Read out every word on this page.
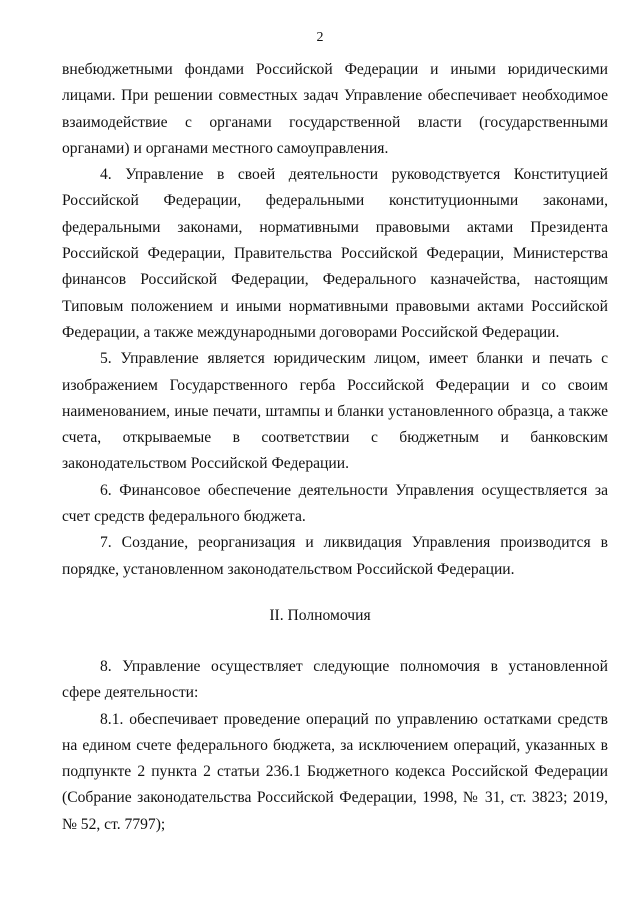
2

внебюджетными фондами Российской Федерации и иными юридическими лицами. При решении совместных задач Управление обеспечивает необходимое взаимодействие с органами государственной власти (государственными органами) и органами местного самоуправления.

4. Управление в своей деятельности руководствуется Конституцией Российской Федерации, федеральными конституционными законами, федеральными законами, нормативными правовыми актами Президента Российской Федерации, Правительства Российской Федерации, Министерства финансов Российской Федерации, Федерального казначейства, настоящим Типовым положением и иными нормативными правовыми актами Российской Федерации, а также международными договорами Российской Федерации.

5. Управление является юридическим лицом, имеет бланки и печать с изображением Государственного герба Российской Федерации и со своим наименованием, иные печати, штампы и бланки установленного образца, а также счета, открываемые в соответствии с бюджетным и банковским законодательством Российской Федерации.

6. Финансовое обеспечение деятельности Управления осуществляется за счет средств федерального бюджета.

7. Создание, реорганизация и ликвидация Управления производится в порядке, установленном законодательством Российской Федерации.

II. Полномочия

8. Управление осуществляет следующие полномочия в установленной сфере деятельности:

8.1. обеспечивает проведение операций по управлению остатками средств на едином счете федерального бюджета, за исключением операций, указанных в подпункте 2 пункта 2 статьи 236.1 Бюджетного кодекса Российской Федерации (Собрание законодательства Российской Федерации, 1998, № 31, ст. 3823; 2019, № 52, ст. 7797);
